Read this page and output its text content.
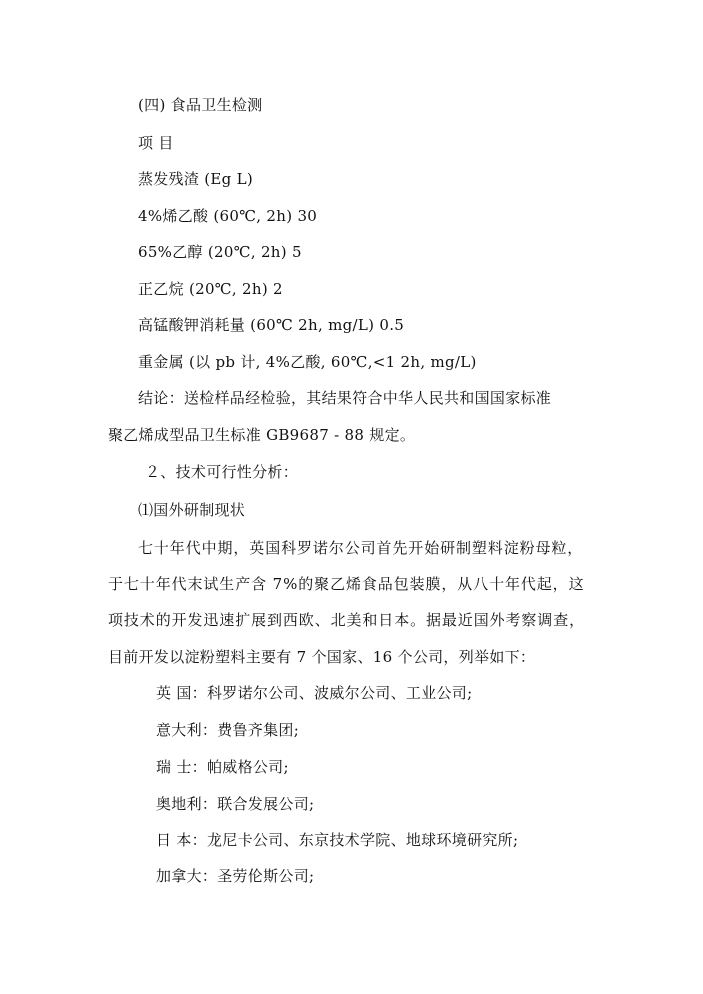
(四) 食品卫生检测
项 目
蒸发残渣 (Eg L)
4%烯乙酸 (60℃, 2h) 30
65%乙醇 (20℃, 2h) 5
正乙烷 (20℃, 2h) 2
高锰酸钾消耗量 (60℃ 2h, mg/L) 0.5
重金属 (以 pb 计, 4%乙酸, 60℃,<1 2h, mg/L)
结论：送检样品经检验，其结果符合中华人民共和国国家标准
聚乙烯成型品卫生标准 GB9687 - 88 规定。
２、技术可行性分析：
⑴国外研制现状
七十年代中期，英国科罗诺尔公司首先开始研制塑料淀粉母粒，
于七十年代末试生产含 7%的聚乙烯食品包装膜，从八十年代起，这
项技术的开发迅速扩展到西欧、北美和日本。据最近国外考察调查，
目前开发以淀粉塑料主要有 7 个国家、16 个公司，列举如下：
英 国：科罗诺尔公司、波威尔公司、工业公司;
意大利：费鲁齐集团;
瑞 士：帕威格公司;
奥地利：联合发展公司;
日 本：龙尼卡公司、东京技术学院、地球环境研究所;
加拿大：圣劳伦斯公司;
